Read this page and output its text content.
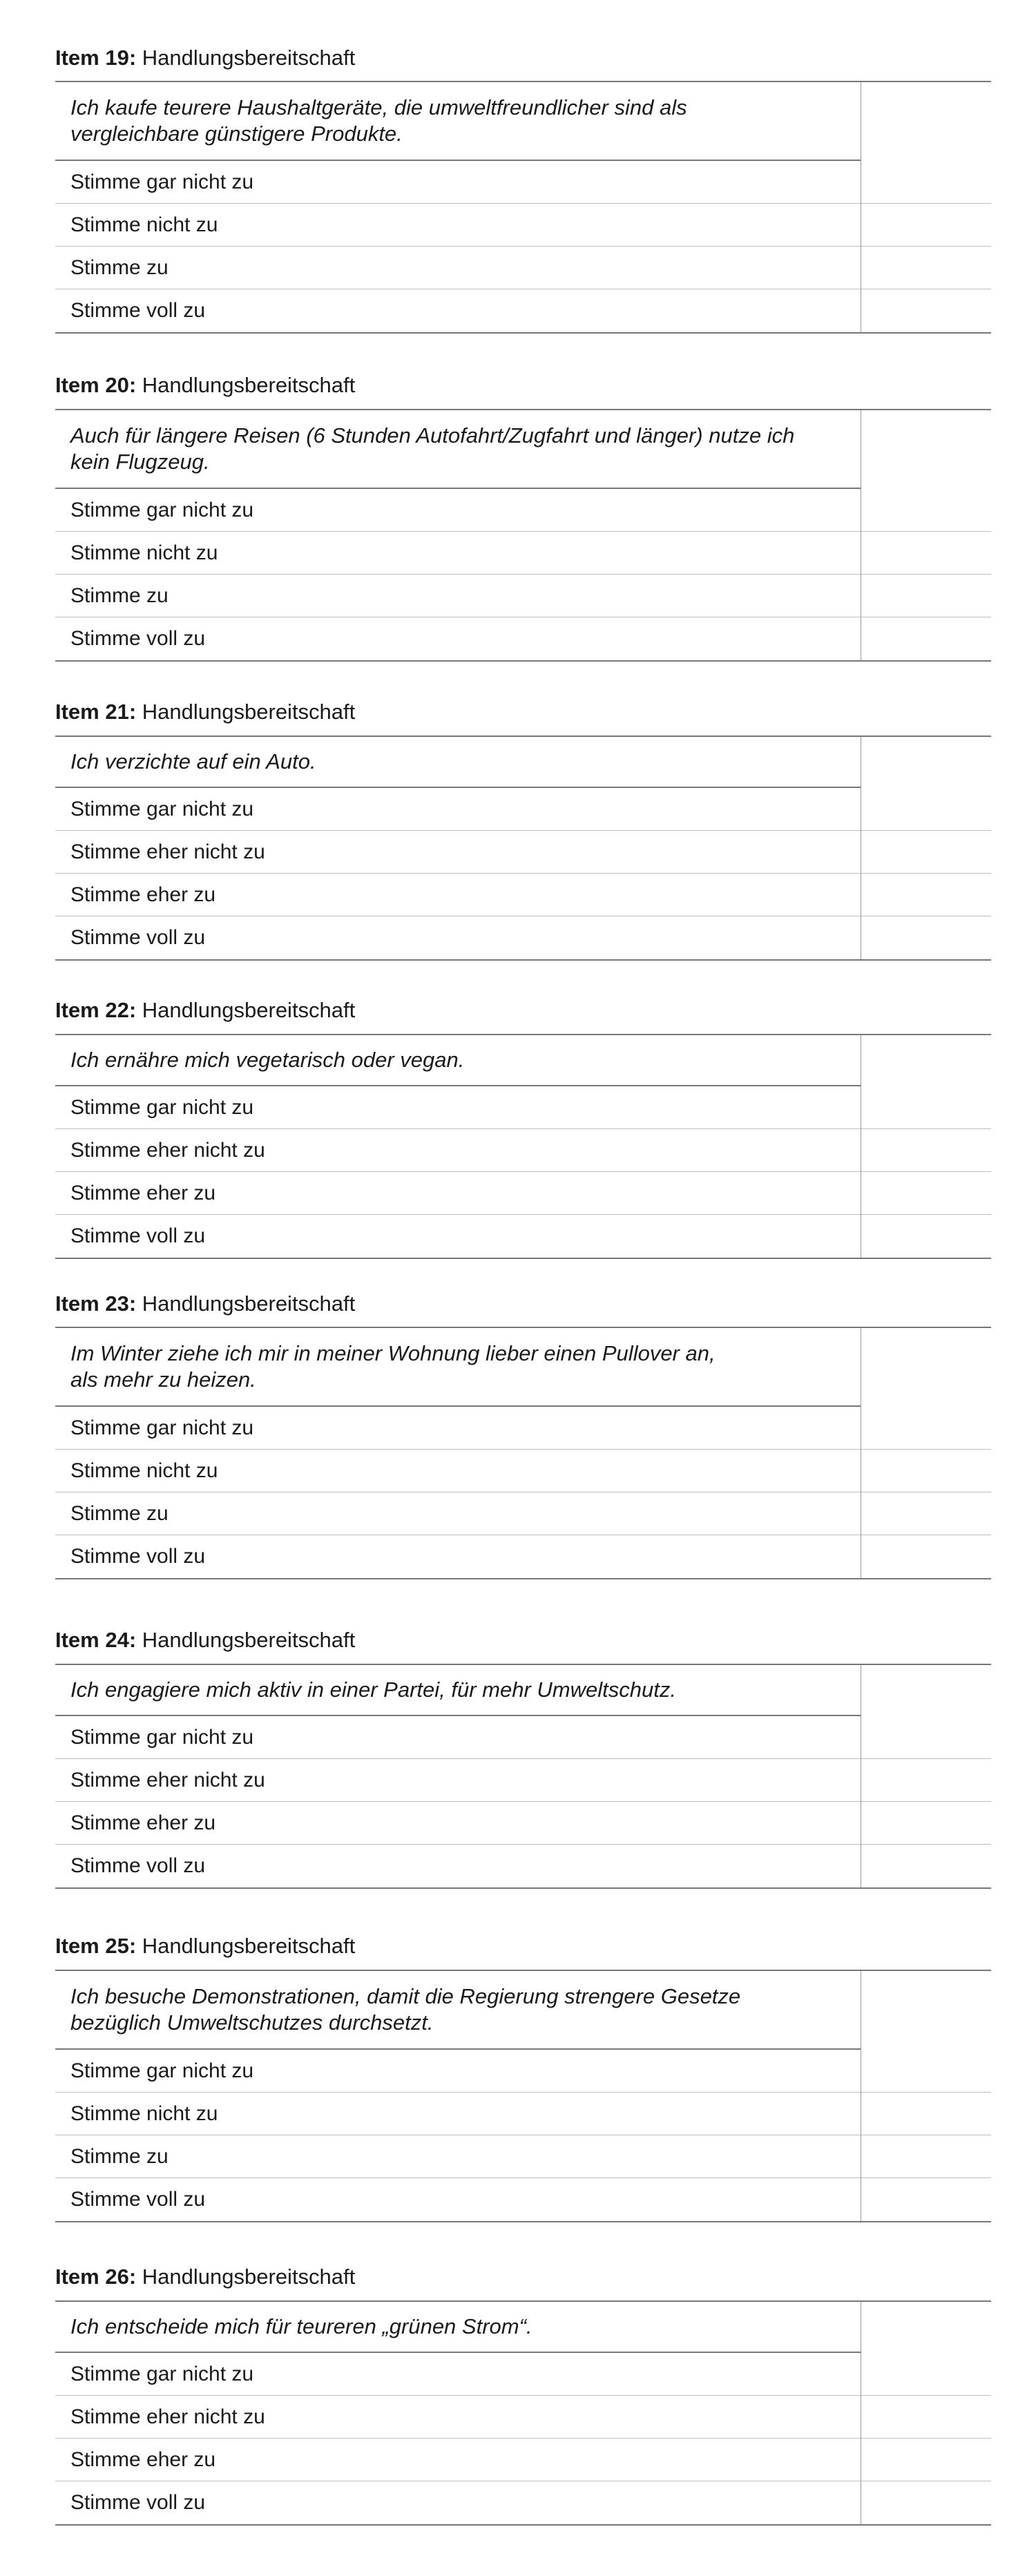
Item 19: Handlungsbereitschaft
Ich kaufe teurere Haushaltgeräte, die umweltfreundlicher sind als
vergleichbare günstigere Produkte.
Stimme gar nicht zu
Stimme nicht zu
Stimme zu
Stimme voll zu
Item 20: Handlungsbereitschaft
Auch für längere Reisen (6 Stunden Autofahrt/Zugfahrt und länger) nutze ich
kein Flugzeug.
Stimme gar nicht zu
Stimme nicht zu
Stimme zu
Stimme voll zu
Item 21: Handlungsbereitschaft
Ich verzichte auf ein Auto.
Stimme gar nicht zu
Stimme eher nicht zu
Stimme eher zu
Stimme voll zu
Item 22: Handlungsbereitschaft
Ich ernähre mich vegetarisch oder vegan.
Stimme gar nicht zu
Stimme eher nicht zu
Stimme eher zu
Stimme voll zu
Item 23: Handlungsbereitschaft
Im Winter ziehe ich mir in meiner Wohnung lieber einen Pullover an,
als mehr zu heizen.
Stimme gar nicht zu
Stimme nicht zu
Stimme zu
Stimme voll zu
Item 24: Handlungsbereitschaft
Ich engagiere mich aktiv in einer Partei, für mehr Umweltschutz.
Stimme gar nicht zu
Stimme eher nicht zu
Stimme eher zu
Stimme voll zu
Item 25: Handlungsbereitschaft
Ich besuche Demonstrationen, damit die Regierung strengere Gesetze
bezüglich Umweltschutzes durchsetzt.
Stimme gar nicht zu
Stimme nicht zu
Stimme zu
Stimme voll zu
Item 26: Handlungsbereitschaft
Ich entscheide mich für teureren „grünen Strom“.
Stimme gar nicht zu
Stimme eher nicht zu
Stimme eher zu
Stimme voll zu
